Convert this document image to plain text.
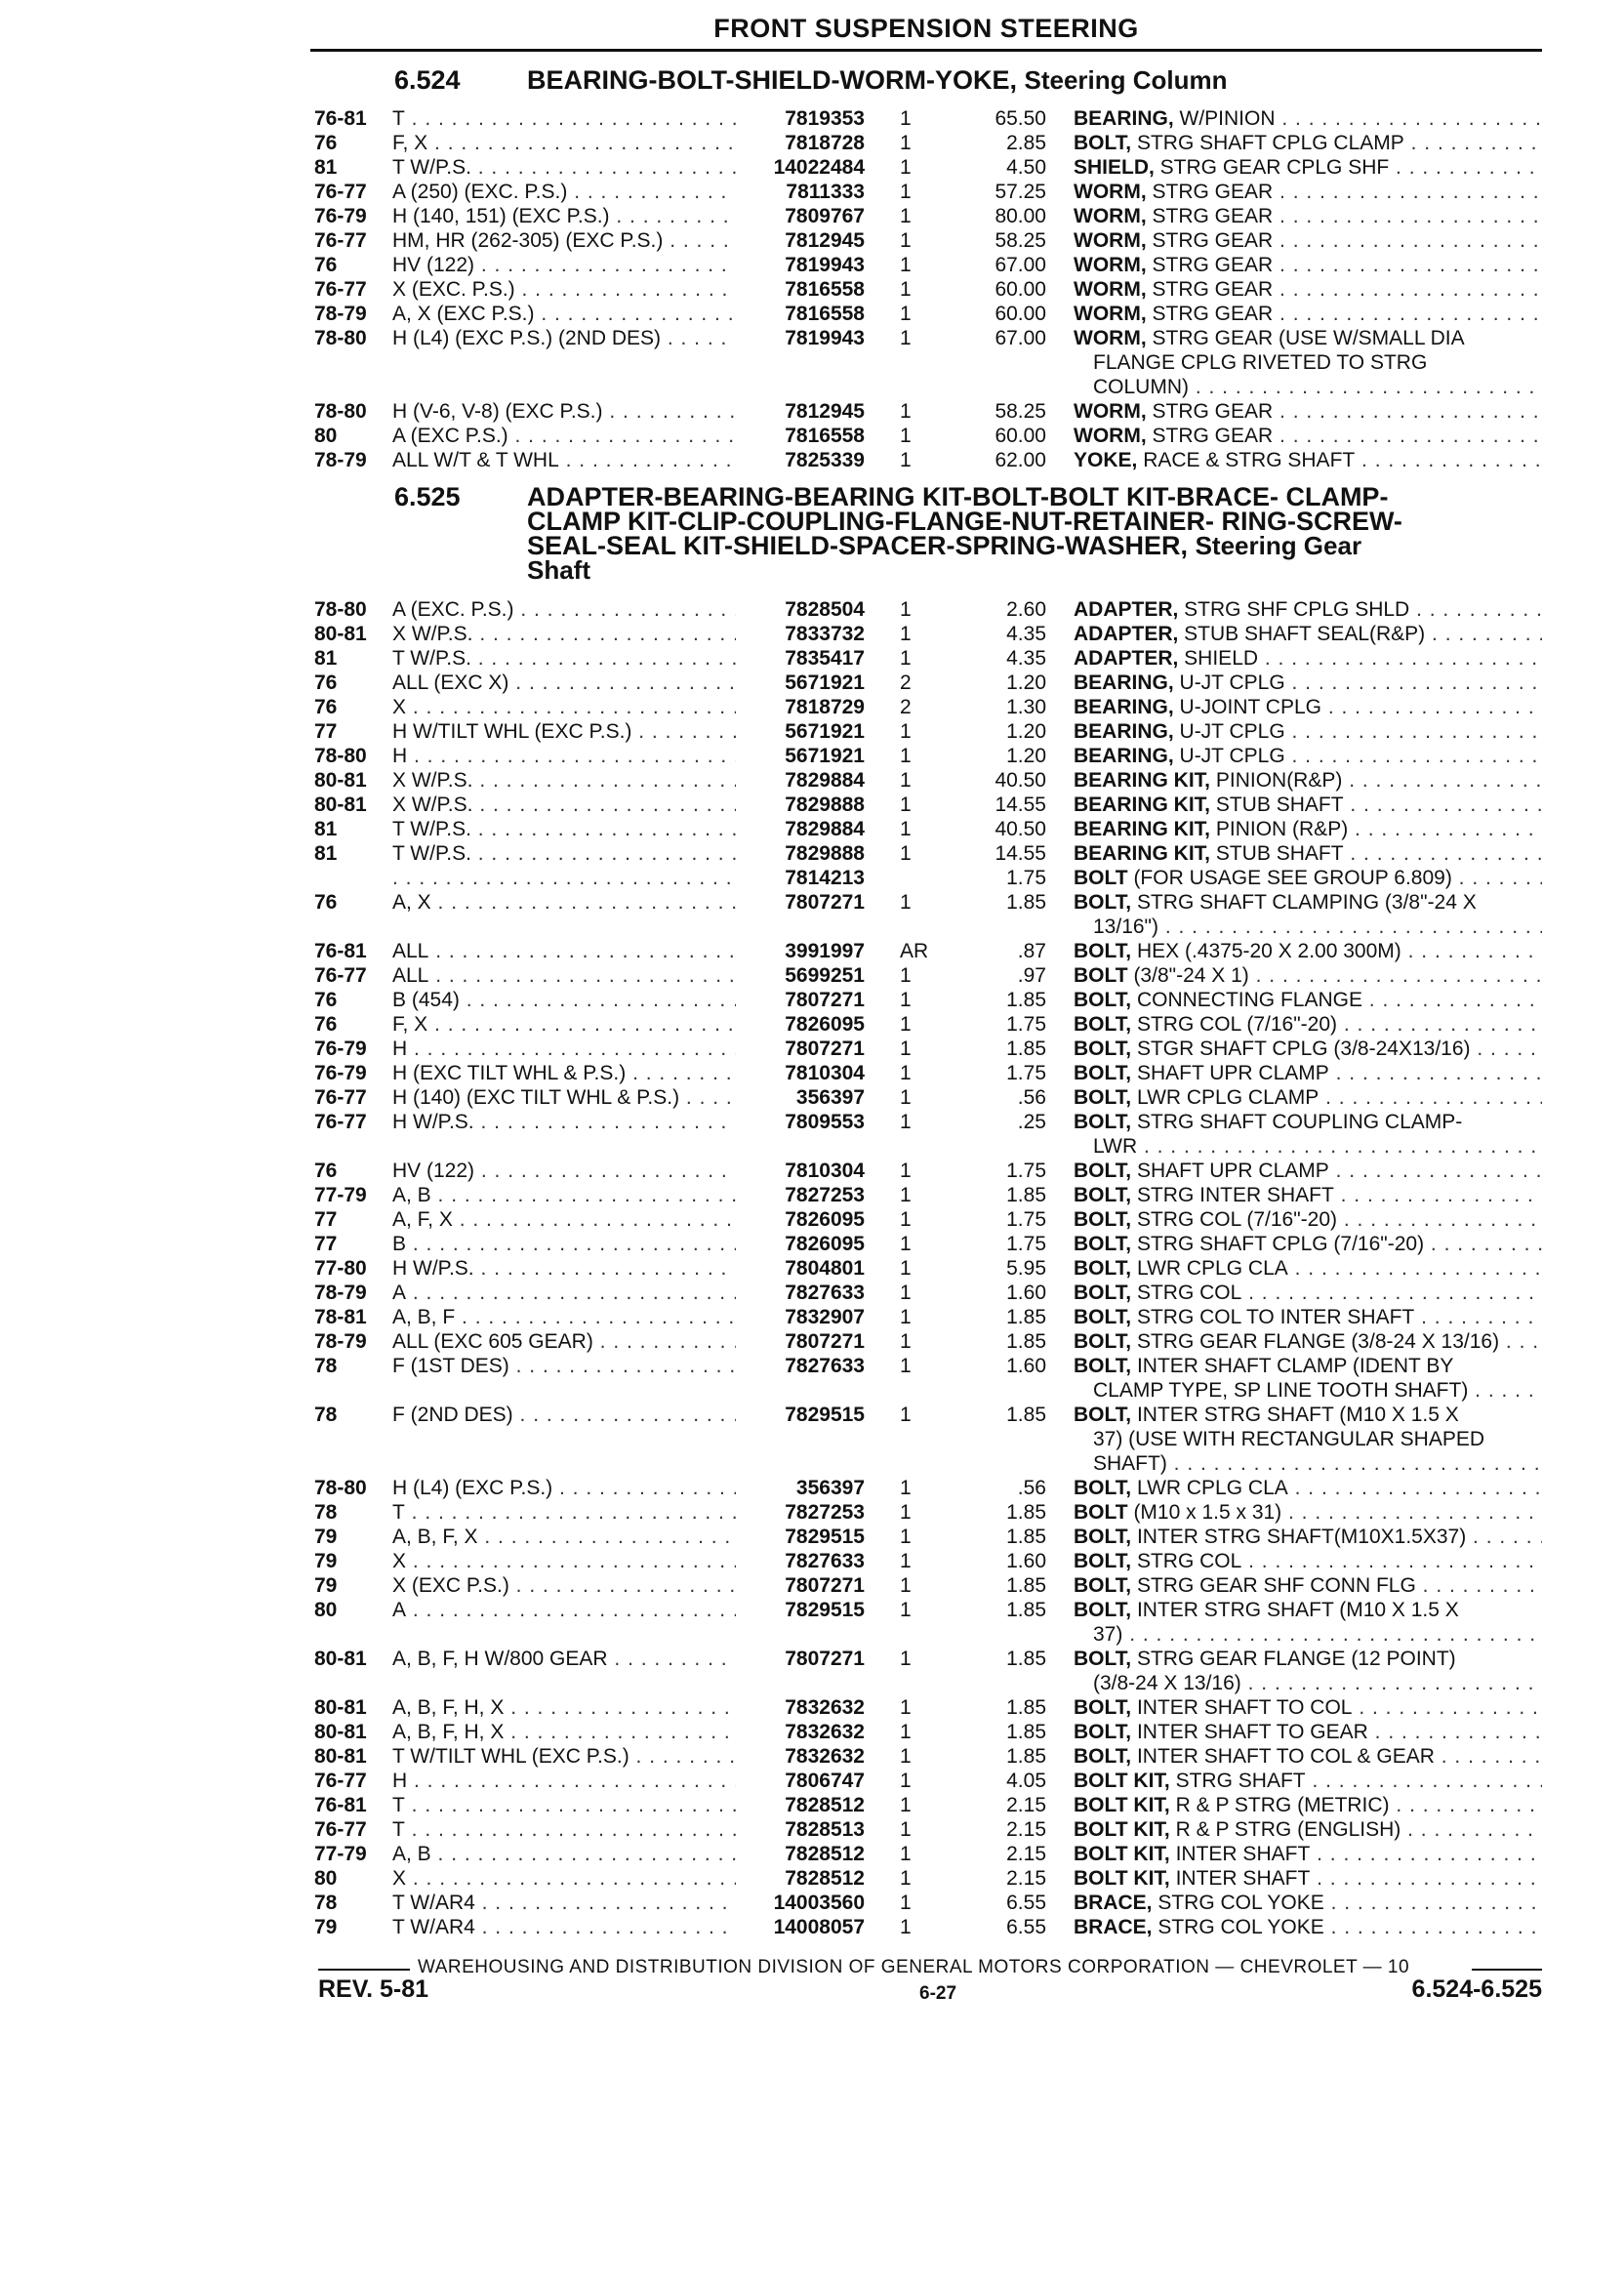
FRONT SUSPENSION STEERING
6.524	BEARING-BOLT-SHIELD-WORM-YOKE, Steering Column
6.525	ADAPTER-BEARING-BEARING KIT-BOLT-BOLT KIT-BRACE- CLAMP-
CLAMP KIT-CLIP-COUPLING-FLANGE-NUT-RETAINER- RING-SCREW-
SEAL-SEAL KIT-SHIELD-SPACER-SPRING-WASHER, Steering Gear
Shaft
76-81 T . . .	7819353 1	65.50 BEARING, W/PINION . . .
76	F, X . . .	7818728 1	2.85 BOLT, STRG SHAFT CPLG CLAMP . . .
81	T W/P.S. . . .	14022484 1	4.50 SHIELD, STRG GEAR CPLG SHF . . .
76-77 A (250) (EXC. P.S.) . . .	7811333 1	57.25 WORM, STRG GEAR . . .
76-79 H (140, 151) (EXC P.S.) . . .	7809767 1	80.00 WORM, STRG GEAR . . .
76-77 HM, HR (262-305) (EXC P.S.) . . .	7812945 1	58.25 WORM, STRG GEAR . . .
76	HV (122) . . .	7819943 1	67.00 WORM, STRG GEAR . . .
76-77 X (EXC. P.S.) . . .	7816558 1	60.00 WORM, STRG GEAR . . .
78-79 A, X (EXC P.S.) . . .	7816558 1	60.00 WORM, STRG GEAR . . .
78-80 H (L4) (EXC P.S.) (2ND DES) . . .	7819943 1	67.00 WORM, STRG GEAR (USE W/SMALL DIA
FLANGE CPLG RIVETED TO STRG
COLUMN) . . .
78-80 H (V-6, V-8) (EXC P.S.) . . .	7812945 1	58.25 WORM, STRG GEAR . . .
80	A (EXC P.S.) . . .	7816558 1	60.00 WORM, STRG GEAR . . .
78-79 ALL W/T & T WHL . . .	7825339 1	62.00 YOKE, RACE & STRG SHAFT . . .
78-80 A (EXC. P.S.) . . .	7828504 1	2.60 ADAPTER, STRG SHF CPLG SHLD . . .
80-81 X W/P.S. . . .	7833732 1	4.35 ADAPTER, STUB SHAFT SEAL(R&P) . . .
81	T W/P.S. . . .	7835417 1	4.35 ADAPTER, SHIELD . . .
76	ALL (EXC X) . . .	5671921 2	1.20 BEARING, U-JT CPLG . . .
76	X . . .	7818729 2	1.30 BEARING, U-JOINT CPLG . . .
77	H W/TILT WHL (EXC P.S.) . . .	5671921 1	1.20 BEARING, U-JT CPLG . . .
78-80 H . . .	5671921 1	1.20 BEARING, U-JT CPLG . . .
80-81 X W/P.S. . . .	7829884 1	40.50 BEARING KIT, PINION(R&P) . . .
80-81 X W/P.S. . . .	7829888 1	14.55 BEARING KIT, STUB SHAFT . . .
81	T W/P.S. . . .	7829884 1	40.50 BEARING KIT, PINION (R&P) . . .
81	T W/P.S. . . .	7829888 1	14.55 BEARING KIT, STUB SHAFT . . .
. . .
7814213	1.75 BOLT (FOR USAGE SEE GROUP 6.809) . . .
76	A, X . . .	7807271 1	1.85 BOLT, STRG SHAFT CLAMPING (3/8"-24 X
13/16") . . .
76-81 ALL . . .	3991997 AR	.87 BOLT, HEX (.4375-20 X 2.00 300M) . . .
76-77 ALL . . .	5699251 1	.97 BOLT (3/8"-24 X 1) . . .
76	B (454) . . .	7807271 1	1.85 BOLT, CONNECTING FLANGE . . .
76	F, X . . .	7826095 1	1.75 BOLT, STRG COL (7/16"-20) . . .
76-79 H . . .	7807271 1	1.85 BOLT, STGR SHAFT CPLG (3/8-24X13/16) . . .
76-79 H (EXC TILT WHL & P.S.) . . .	7810304 1	1.75 BOLT, SHAFT UPR CLAMP . . .
76-77 H (140) (EXC TILT WHL & P.S.) . . .	356397 1	.56 BOLT, LWR CPLG CLAMP . . .
76-77 H W/P.S. . . .	7809553 1	.25 BOLT, STRG SHAFT COUPLING CLAMP-
LWR . . .
76	HV (122) . . .	7810304 1	1.75 BOLT, SHAFT UPR CLAMP . . .
77-79 A, B . . .	7827253 1	1.85 BOLT, STRG INTER SHAFT . . .
77	A, F, X . . .	7826095 1	1.75 BOLT, STRG COL (7/16"-20) . . .
77	B . . .	7826095 1	1.75 BOLT, STRG SHAFT CPLG (7/16"-20) . . .
77-80 H W/P.S. . . .	7804801 1	5.95 BOLT, LWR CPLG CLA . . .
78-79 A . . .	7827633 1	1.60 BOLT, STRG COL . . .
78-81 A, B, F . . .	7832907 1	1.85 BOLT, STRG COL TO INTER SHAFT . . .
78-79 ALL (EXC 605 GEAR) . . .	7807271 1	1.85 BOLT, STRG GEAR FLANGE (3/8-24 X 13/16) . . .
78	F (1ST DES) . . .	7827633 1	1.60 BOLT, INTER SHAFT CLAMP (IDENT BY
CLAMP TYPE, SP LINE TOOTH SHAFT) . . .
78	F (2ND DES) . . .	7829515 1	1.85 BOLT, INTER STRG SHAFT (M10 X 1.5 X
37) (USE WITH RECTANGULAR SHAPED
SHAFT) . . .
78-80 H (L4) (EXC P.S.) . . .	356397 1	.56 BOLT, LWR CPLG CLA . . .
78	T . . .	7827253 1	1.85 BOLT (M10 x 1.5 x 31) . . .
79	A, B, F, X . . .	7829515 1	1.85 BOLT, INTER STRG SHAFT(M10X1.5X37) . . .
79	X . . .	7827633 1	1.60 BOLT, STRG COL . . .
79	X (EXC P.S.) . . .	7807271 1	1.85 BOLT, STRG GEAR SHF CONN FLG . . .
80	A . . .	7829515 1	1.85 BOLT, INTER STRG SHAFT (M10 X 1.5 X
37) . . .
80-81 A, B, F, H W/800 GEAR . . .	7807271 1	1.85 BOLT, STRG GEAR FLANGE (12 POINT)
(3/8-24 X 13/16) . . .
80-81 A, B, F, H, X . . .	7832632 1	1.85 BOLT, INTER SHAFT TO COL . . .
80-81 A, B, F, H, X . . .	7832632 1	1.85 BOLT, INTER SHAFT TO GEAR . . .
80-81 T W/TILT WHL (EXC P.S.) . . .	7832632 1	1.85 BOLT, INTER SHAFT TO COL & GEAR . . .
76-77 H . . .	7806747 1	4.05 BOLT KIT, STRG SHAFT . . .
76-81 T . . .	7828512 1	2.15 BOLT KIT, R & P STRG (METRIC) . . .
76-77 T . . .	7828513 1	2.15 BOLT KIT, R & P STRG (ENGLISH) . . .
77-79 A, B . . .	7828512 1	2.15 BOLT KIT, INTER SHAFT . . .
80	X . . .	7828512 1	2.15 BOLT KIT, INTER SHAFT . . .
78	T W/AR4 . . .	14003560 1	6.55 BRACE, STRG COL YOKE . . .
79	T W/AR4 . . .	14008057 1	6.55 BRACE, STRG COL YOKE . . .
WAREHOUSING AND DISTRIBUTION DIVISION OF GENERAL MOTORS CORPORATION — CHEVROLET — 10
REV. 5-81	6-27	6.524-6.525
